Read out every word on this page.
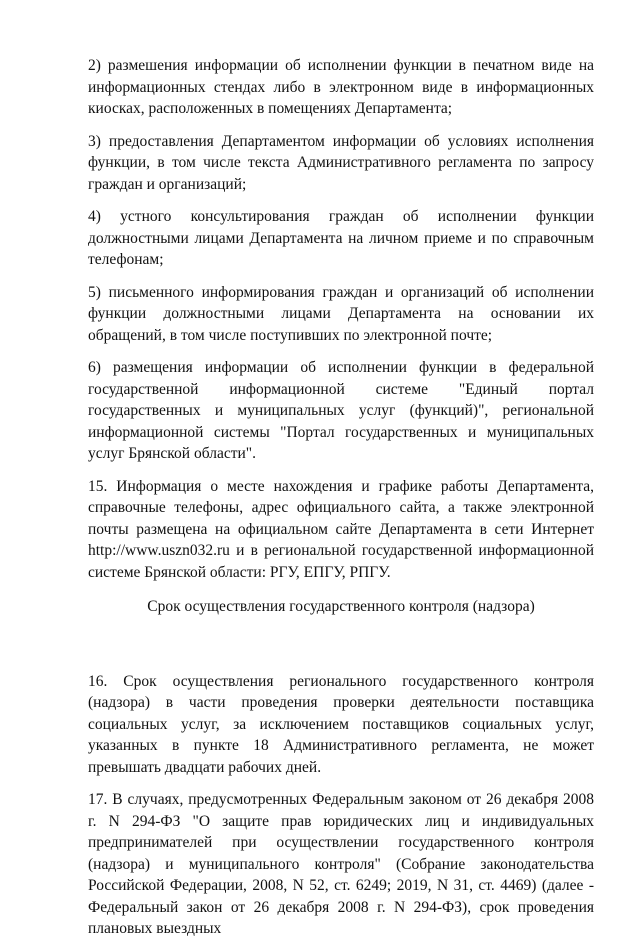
2) размешения информации об исполнении функции в печатном виде на информационных стендах либо в электронном виде в информационных киосках, расположенных в помещениях Департамента;

3) предоставления Департаментом информации об условиях исполнения функции, в том числе текста Административного регламента по запросу граждан и организаций;

4) устного консультирования граждан об исполнении функции должностными лицами Департамента на личном приеме и по справочным телефонам;

5) письменного информирования граждан и организаций об исполнении функции должностными лицами Департамента на основании их обращений, в том числе поступивших по электронной почте;

6) размещения информации об исполнении функции в федеральной государственной информационной системе "Единый портал государственных и муниципальных услуг (функций)", региональной информационной системы "Портал государственных и муниципальных услуг Брянской области".

15. Информация о месте нахождения и графике работы Департамента, справочные телефоны, адрес официального сайта, а также электронной почты размещена на официальном сайте Департамента в сети Интернет http://www.uszn032.ru и в региональной государственной информационной системе Брянской области: РГУ, ЕПГУ, РПГУ.

Срок осуществления государственного контроля (надзора)

16. Срок осуществления регионального государственного контроля (надзора) в части проведения проверки деятельности поставщика социальных услуг, за исключением поставщиков социальных услуг, указанных в пункте 18 Административного регламента, не может превышать двадцати рабочих дней.

17. В случаях, предусмотренных Федеральным законом от 26 декабря 2008 г. N 294-ФЗ "О защите прав юридических лиц и индивидуальных предпринимателей при осуществлении государственного контроля (надзора) и муниципального контроля" (Собрание законодательства Российской Федерации, 2008, N 52, ст. 6249; 2019, N 31, ст. 4469) (далее - Федеральный закон от 26 декабря 2008 г. N 294-ФЗ), срок проведения плановых выездных
